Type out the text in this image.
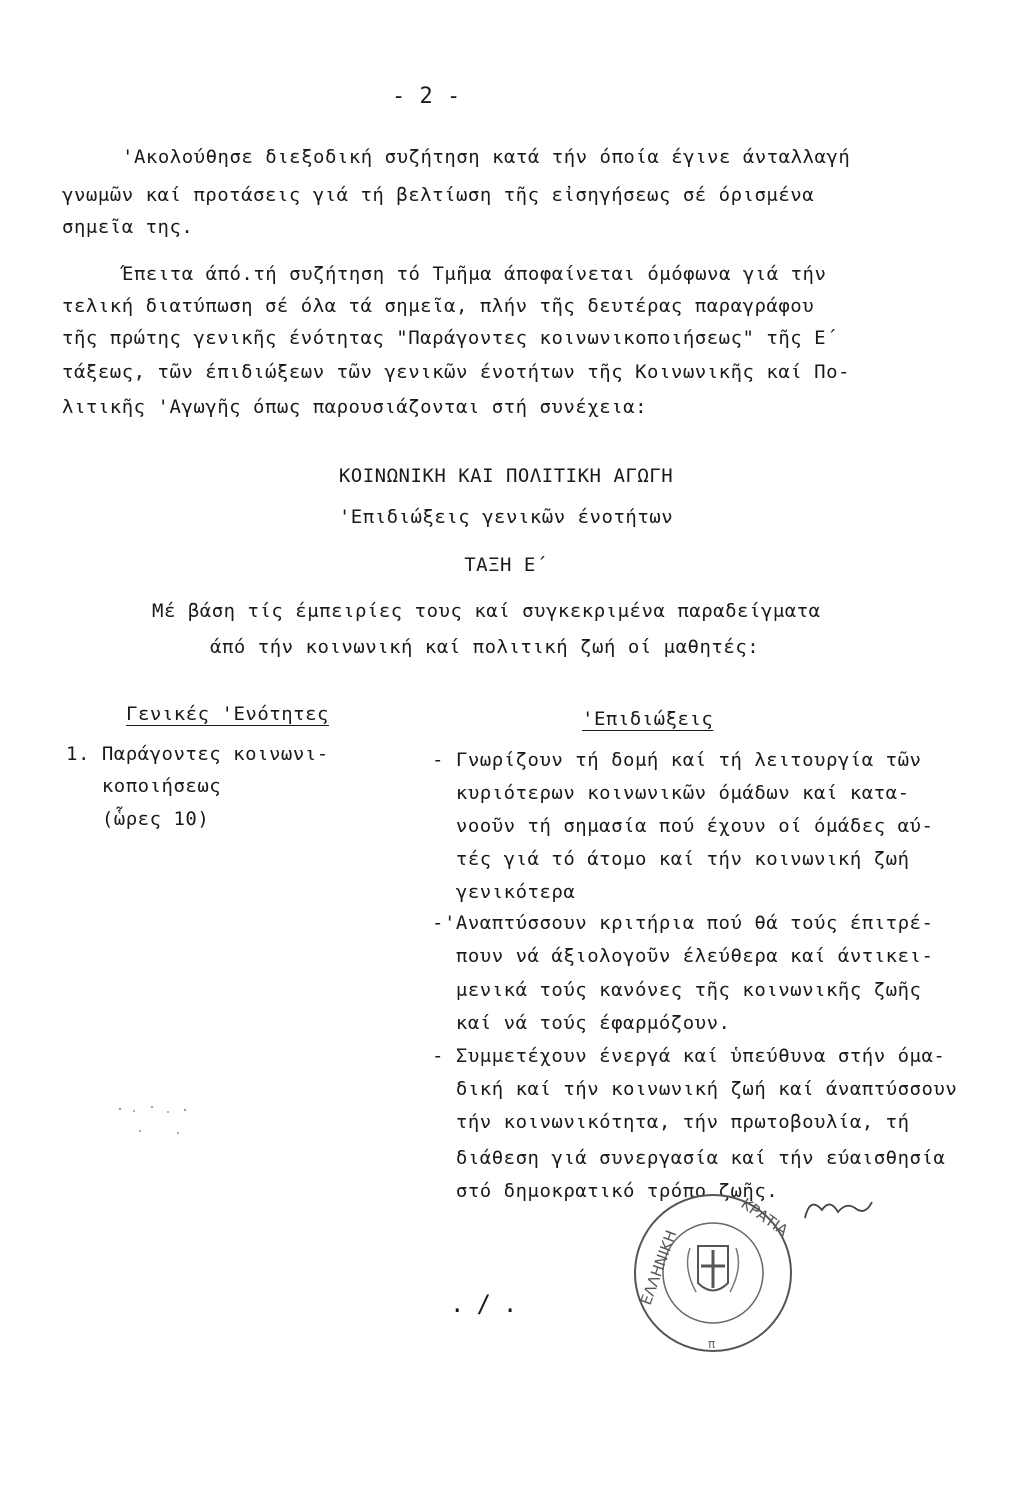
- 2 -
'Ακολούθησε διεξοδική συζήτηση κατά τήν όποία έγινε άνταλλαγή
γνωμῶν καί προτάσεις γιά τή βελτίωση τῆς εἰσηγήσεως σέ όρισμένα
σημεῖα της.
Έπειτα άπό.τή συζήτηση τό Τμῆμα άποφαίνεται όμόφωνα γιά τήν
τελική διατύπωση σέ όλα τά σημεῖα, πλήν τῆς δευτέρας παραγράφου
τῆς πρώτης γενικῆς ένότητας "Παράγοντες κοινωνικοποιήσεως" τῆς Ε΄
τάξεως, τῶν έπιδιώξεων τῶν γενικῶν ένοτήτων τῆς Κοινωνικῆς καί Πο-
λιτικῆς 'Αγωγῆς όπως παρουσιάζονται στή συνέχεια:
ΚΟΙΝΩΝΙΚΗ ΚΑΙ ΠΟΛΙΤΙΚΗ ΑΓΩΓΗ
'Επιδιώξεις γενικῶν ένοτήτων
ΤΑΞΗ Ε΄
Μέ βάση τίς έμπειρίες τους καί συγκεκριμένα παραδείγματα
άπό τήν κοινωνική καί πολιτική ζωή οί μαθητές:
Γενικές 'Ενότητες	'Επιδιώξεις
1. Παράγοντες κοινωνι-
κοποιήσεως
(ὧρες 10)
- Γνωρίζουν τή δομή καί τή λειτουργία τῶν
κυριότερων κοινωνικῶν όμάδων καί κατα-
νοοῦν τή σημασία πού έχουν οί όμάδες αύ-
τές γιά τό άτομο καί τήν κοινωνική ζωή
γενικότερα
-'Αναπτύσσουν κριτήρια πού θά τούς έπιτρέ-
πουν νά άξιολογοῦν έλεύθερα καί άντικει-
μενικά τούς κανόνες τῆς κοινωνικῆς ζωῆς
καί νά τούς έφαρμόζουν.
- Συμμετέχουν ένεργά καί ὑπεύθυνα στήν όμα-
δική καί τήν κοινωνική ζωή καί άναπτύσσουν
τήν κοινωνικότητα, τήν πρωτοβουλία, τή
διάθεση γιά συνεργασία καί τήν εύαισθησία
στό δημοκρατικό τρόπο ζωῆς.
ΕΛΛΗΝΙΚΗ
ΚΡΑΤΙΑ
π
./.
